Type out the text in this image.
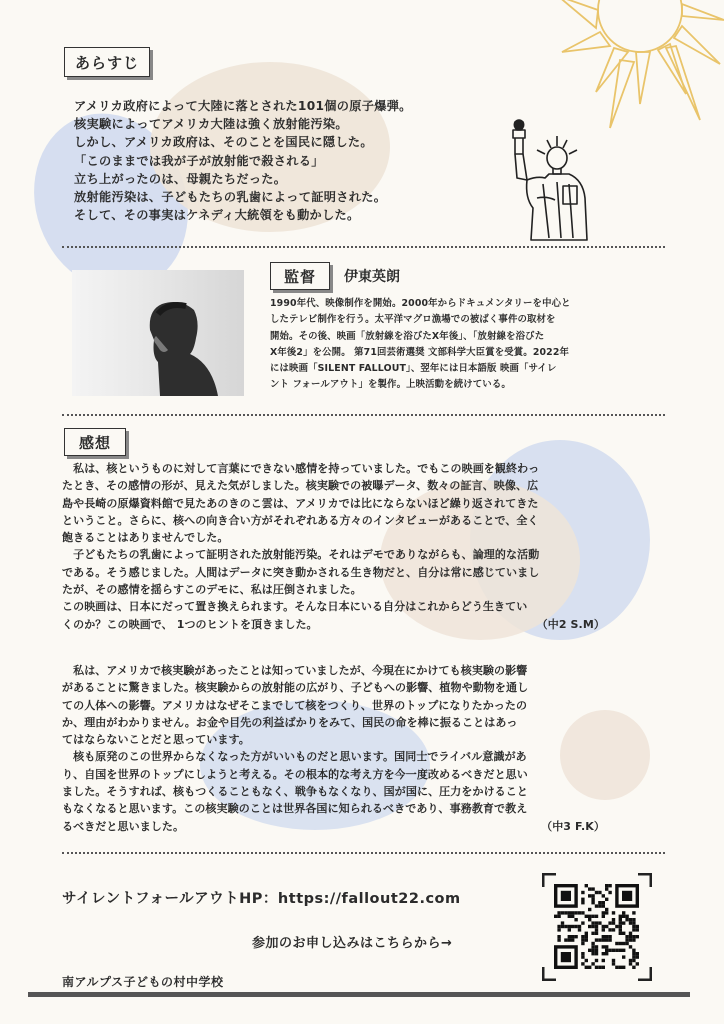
あらすじ
アメリカ政府によって大陸に落とされた101個の原子爆弾。
核実験によってアメリカ大陸は強く放射能汚染。
しかし、アメリカ政府は、そのことを国民に隠した。
「このままでは我が子が放射能で殺される」
立ち上がったのは、母親たちだった。
放射能汚染は、子どもたちの乳歯によって証明された。
そして、その事実はケネディ大統領をも動かした。
監督 伊東英朗
1990年代、映像制作を開始。2000年からドキュメンタリーを中心と
したテレビ制作を行う。太平洋マグロ漁場での被ばく事件の取材を
開始。その後、映画「放射線を浴びたX年後」、「放射線を浴びた
X年後2」を公開。 第71回芸術選奨 文部科学大臣賞を受賞。2022年
には映画「SILENT FALLOUT」、翌年には日本語版 映画「サイレ
ント フォールアウト」を製作。上映活動を続けている。
感想
　私は、核というものに対して言葉にできない感情を持っていました。でもこの映画を観終わっ
たとき、その感情の形が、見えた気がしました。核実験での被曝データ、数々の証言、映像、広
島や長崎の原爆資料館で見たあのきのこ雲は、アメリカでは比にならないほど繰り返されてきた
ということ。さらに、核への向き合い方がそれぞれある方々のインタビューがあることで、全く
飽きることはありませんでした。
　子どもたちの乳歯によって証明された放射能汚染。それはデモでありながらも、論理的な活動
である。そう感じました。人間はデータに突き動かされる生き物だと、自分は常に感じていまし
たが、その感情を揺らすこのデモに、私は圧倒されました。
この映画は、日本にだって置き換えられます。そんな日本にいる自分はこれからどう生きてい
くのか？この映画で、 1つのヒントを頂きました。	（中2 S.M）
　私は、アメリカで核実験があったことは知っていましたが、今現在にかけても核実験の影響
があることに驚きました。核実験からの放射能の広がり、子どもへの影響、植物や動物を通し
ての人体への影響。アメリカはなぜそこまでして核をつくり、世界のトップになりたかったの
か、理由がわかりません。お金や目先の利益ばかりをみて、国民の命を棒に振ることはあっ
てはならないことだと思っています。
　核も原発のこの世界からなくなった方がいいものだと思います。国同士でライバル意識があ
り、自国を世界のトップにしようと考える。その根本的な考え方を今一度改めるべきだと思い
ました。そうすれば、核もつくることもなく、戦争もなくなり、国が国に、圧力をかけること
もなくなると思います。この核実験のことは世界各国に知られるべきであり、事務教育で教え
るべきだと思いました。	（中3 F.K）
サイレントフォールアウトHP：https://fallout22.com
参加のお申し込みはこちらから→
南アルプス子どもの村中学校
